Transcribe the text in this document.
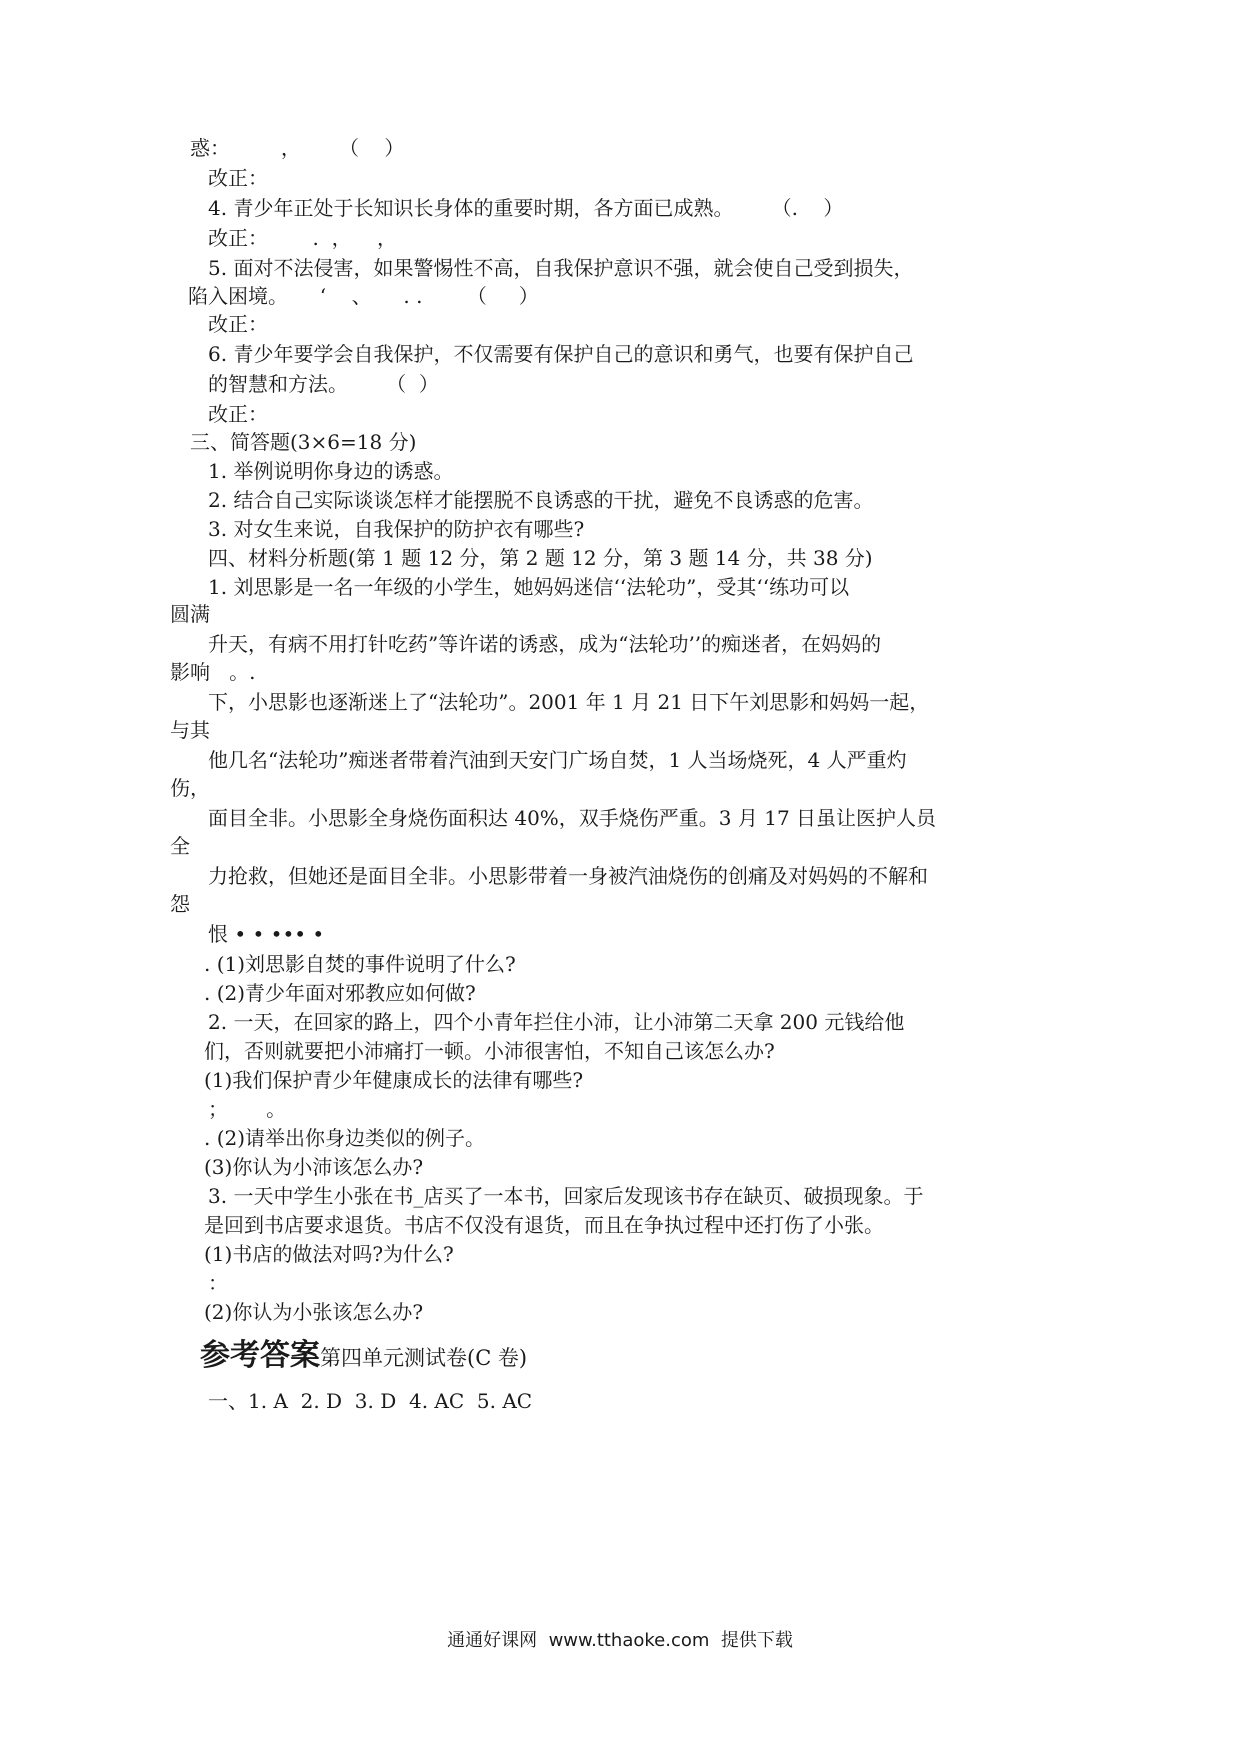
惑：        ，      （    ）
改正：
4. 青少年正处于长知识长身体的重要时期，各方面已成熟。      （.    ）
改正：       .  ，    ，
5. 面对不法侵害，如果警惕性不高，自我保护意识不强，就会使自己受到损失，
陷入困境。     ‘    、     . .       （     ）
改正：
6. 青少年要学会自我保护，不仅需要有保护自己的意识和勇气，也要有保护自己
的智慧和方法。      （  ）
改正：
三、简答题(3×6=18 分)
1. 举例说明你身边的诱惑。
2. 结合自己实际谈谈怎样才能摆脱不良诱惑的干扰，避免不良诱惑的危害。
3. 对女生来说，自我保护的防护衣有哪些?
四、材料分析题(第 1 题 12 分，第 2 题 12 分，第 3 题 14 分，共 38 分)
1. 刘思影是一名一年级的小学生，她妈妈迷信‘‘法轮功”，受其‘‘练功可以
圆满
升天，有病不用打针吃药”等许诺的诱惑，成为“法轮功’’的痴迷者，在妈妈的
影响   。.
下，小思影也逐渐迷上了“法轮功”。2001 年 1 月 21 日下午刘思影和妈妈一起，
与其
他几名“法轮功”痴迷者带着汽油到天安门广场自焚，1 人当场烧死，4 人严重灼
伤，
面目全非。小思影全身烧伤面积达 40%，双手烧伤严重。3 月 17 日虽让医护人员
全
力抢救，但她还是面目全非。小思影带着一身被汽油烧伤的创痛及对妈妈的不解和
怨
恨 • • ••• •
. (1)刘思影自焚的事件说明了什么?
. (2)青少年面对邪教应如何做?
2. 一天，在回家的路上，四个小青年拦住小沛，让小沛第二天拿 200 元钱给他
们，否则就要把小沛痛打一顿。小沛很害怕，不知自己该怎么办?
(1)我们保护青少年健康成长的法律有哪些?
；      。
. (2)请举出你身边类似的例子。
(3)你认为小沛该怎么办?
3. 一天中学生小张在书_店买了一本书，回家后发现该书存在缺页、破损现象。于
是回到书店要求退货。书店不仅没有退货，而且在争执过程中还打伤了小张。
(1)书店的做法对吗?为什么?
：
(2)你认为小张该怎么办?
参考答案第四单元测试卷(C 卷)
一、1. A  2. D  3. D  4. AC  5. AC
通通好课网  www.tthaoke.com  提供下载
